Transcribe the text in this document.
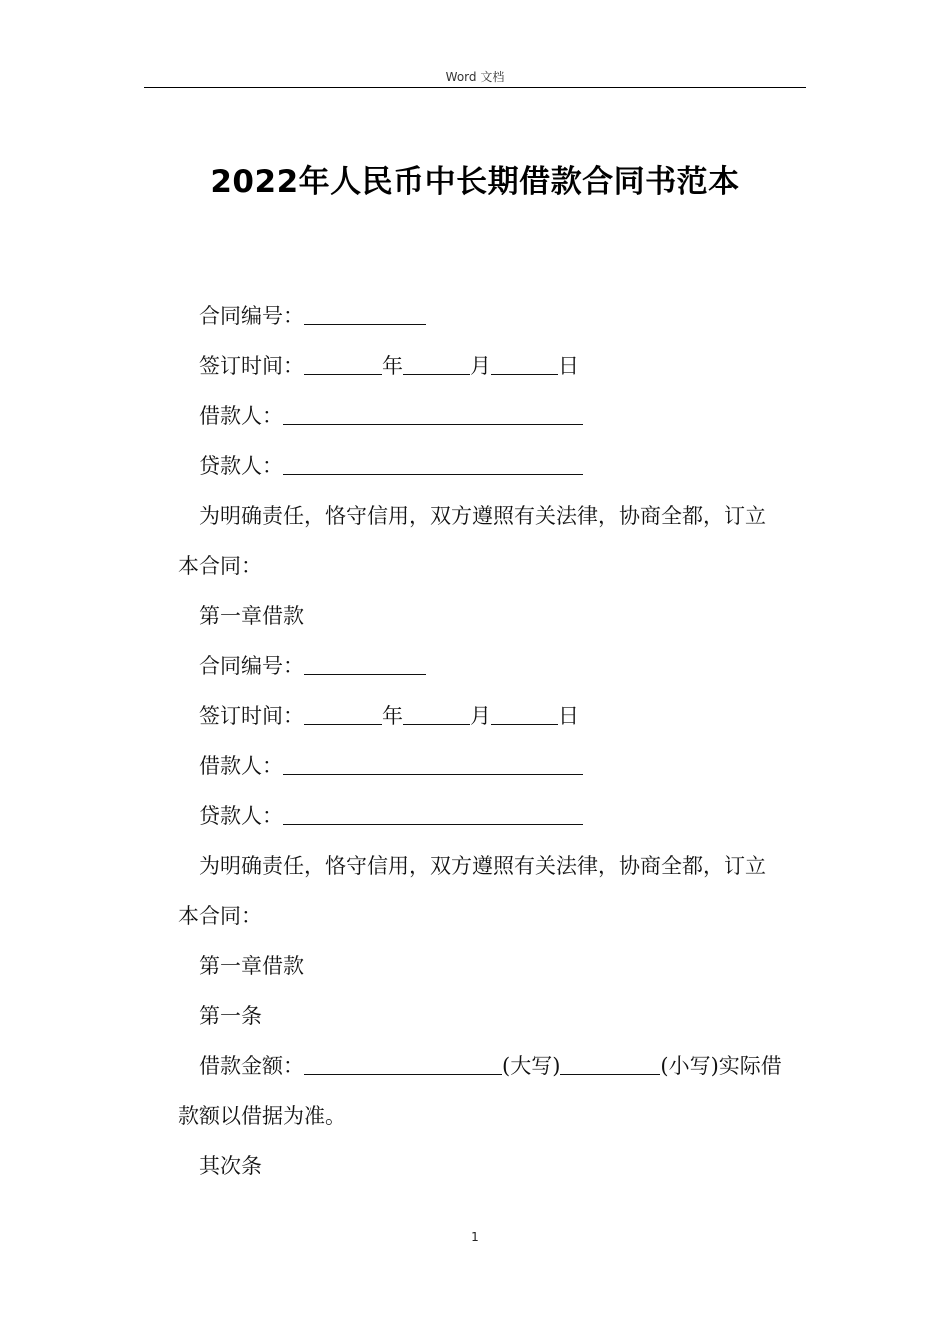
Word 文档
2022年人民币中长期借款合同书范本
合同编号：
签订时间：	年	月	日
借款人：
贷款人：
为明确责任，恪守信用，双方遵照有关法律，协商全都，订立
本合同：
第一章借款
合同编号：
签订时间：	年	月	日
借款人：
贷款人：
为明确责任，恪守信用，双方遵照有关法律，协商全都，订立
本合同：
第一章借款
第一条
借款金额：	(大写)	(小写)实际借
款额以借据为准。
其次条
1
